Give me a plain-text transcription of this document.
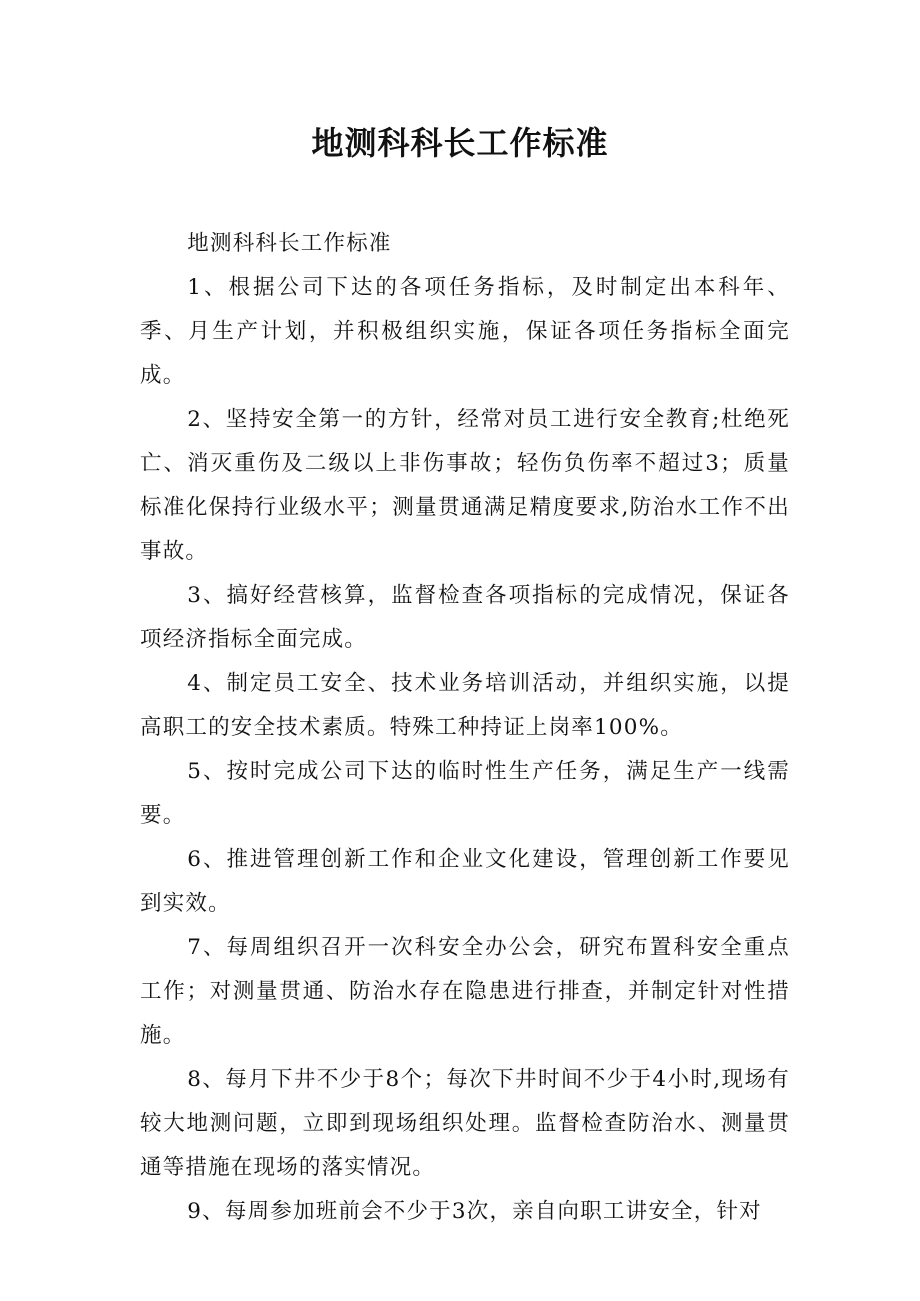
地测科科长工作标准

地测科科长工作标准

1、根据公司下达的各项任务指标，及时制定出本科年、季、月生产计划，并积极组织实施，保证各项任务指标全面完成。

2、坚持安全第一的方针，经常对员工进行安全教育;杜绝死亡、消灭重伤及二级以上非伤事故；轻伤负伤率不超过3；质量标准化保持行业级水平；测量贯通满足精度要求,防治水工作不出事故。

3、搞好经营核算，监督检查各项指标的完成情况，保证各项经济指标全面完成。

4、制定员工安全、技术业务培训活动，并组织实施，以提高职工的安全技术素质。特殊工种持证上岗率100%。

5、按时完成公司下达的临时性生产任务，满足生产一线需要。

6、推进管理创新工作和企业文化建设，管理创新工作要见到实效。

7、每周组织召开一次科安全办公会，研究布置科安全重点工作；对测量贯通、防治水存在隐患进行排查，并制定针对性措施。

8、每月下井不少于8个；每次下井时间不少于4小时,现场有较大地测问题，立即到现场组织处理。监督检查防治水、测量贯通等措施在现场的落实情况。

9、每周参加班前会不少于3次，亲自向职工讲安全，针对
